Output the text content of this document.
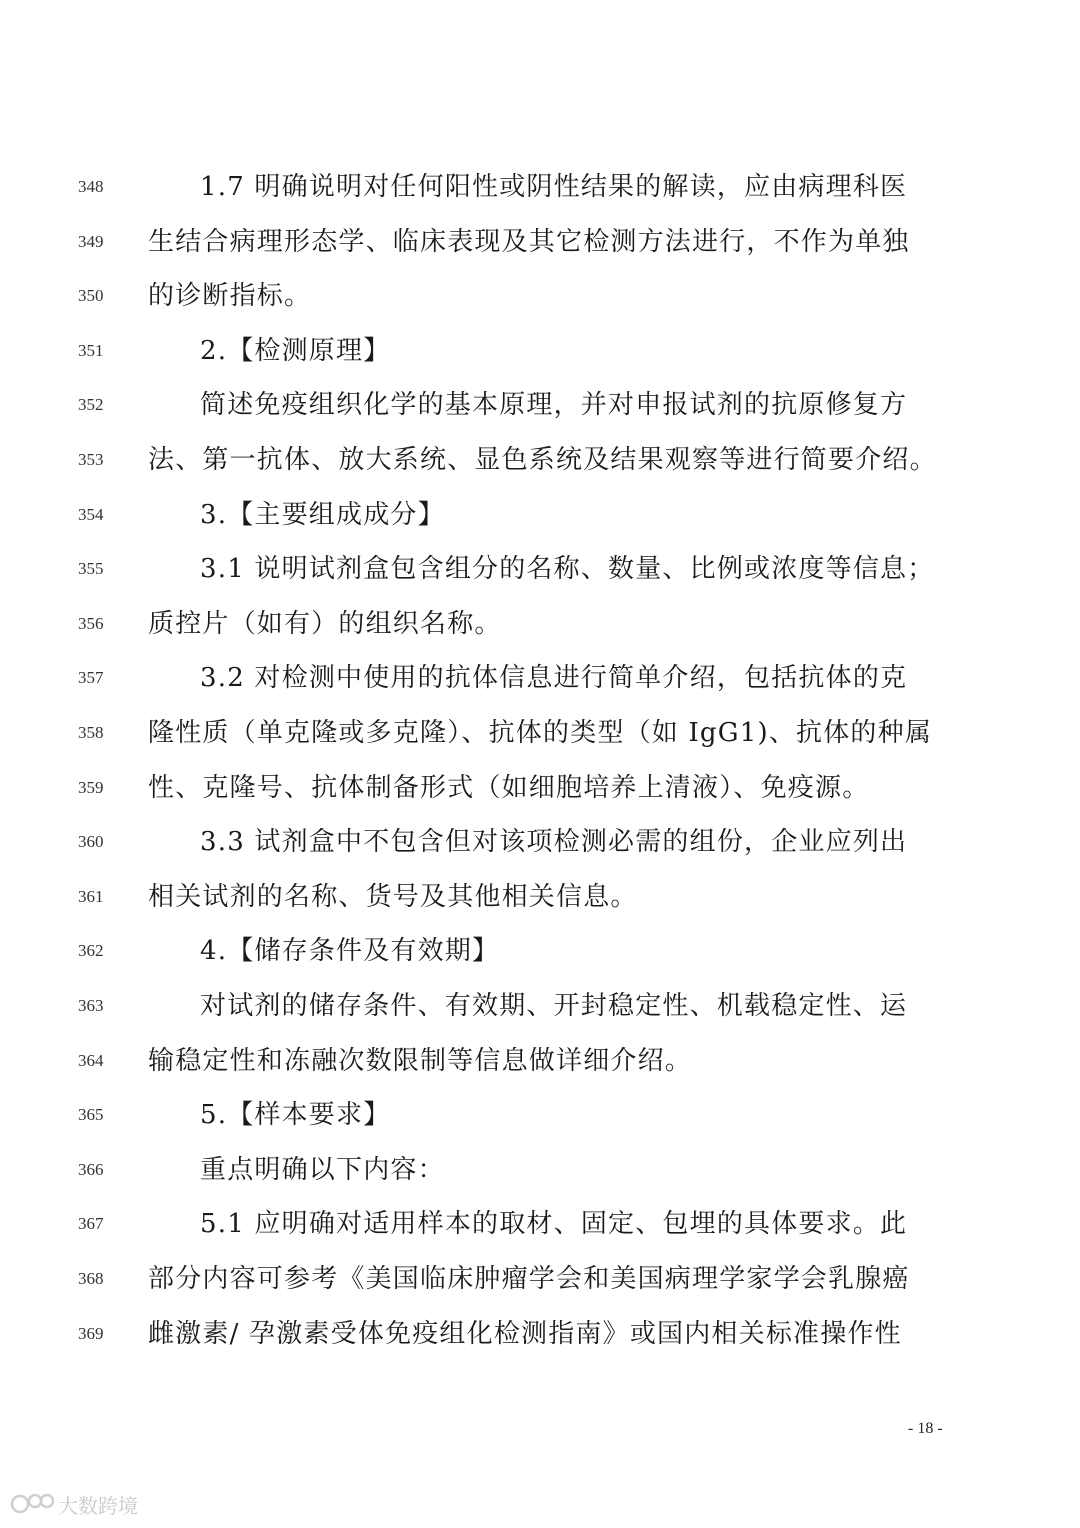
348	1.7 明确说明对任何阳性或阴性结果的解读，应由病理科医
349	生结合病理形态学、临床表现及其它检测方法进行，不作为单独
350	的诊断指标。
351	2.【检测原理】
352	简述免疫组织化学的基本原理，并对申报试剂的抗原修复方
353	法、第一抗体、放大系统、显色系统及结果观察等进行简要介绍。
354	3.【主要组成成分】
355	3.1 说明试剂盒包含组分的名称、数量、比例或浓度等信息；
356	质控片（如有）的组织名称。
357	3.2 对检测中使用的抗体信息进行简单介绍，包括抗体的克
358	隆性质（单克隆或多克隆）、抗体的类型（如 IgG1)、抗体的种属
359	性、克隆号、抗体制备形式（如细胞培养上清液）、免疫源。
360	3.3 试剂盒中不包含但对该项检测必需的组份，企业应列出
361	相关试剂的名称、货号及其他相关信息。
362	4.【储存条件及有效期】
363	对试剂的储存条件、有效期、开封稳定性、机载稳定性、运
364	输稳定性和冻融次数限制等信息做详细介绍。
365	5.【样本要求】
366	重点明确以下内容：
367	5.1 应明确对适用样本的取材、固定、包埋的具体要求。此
368	部分内容可参考《美国临床肿瘤学会和美国病理学家学会乳腺癌
369	雌激素/ 孕激素受体免疫组化检测指南》或国内相关标准操作性
- 18 -
大数跨境
